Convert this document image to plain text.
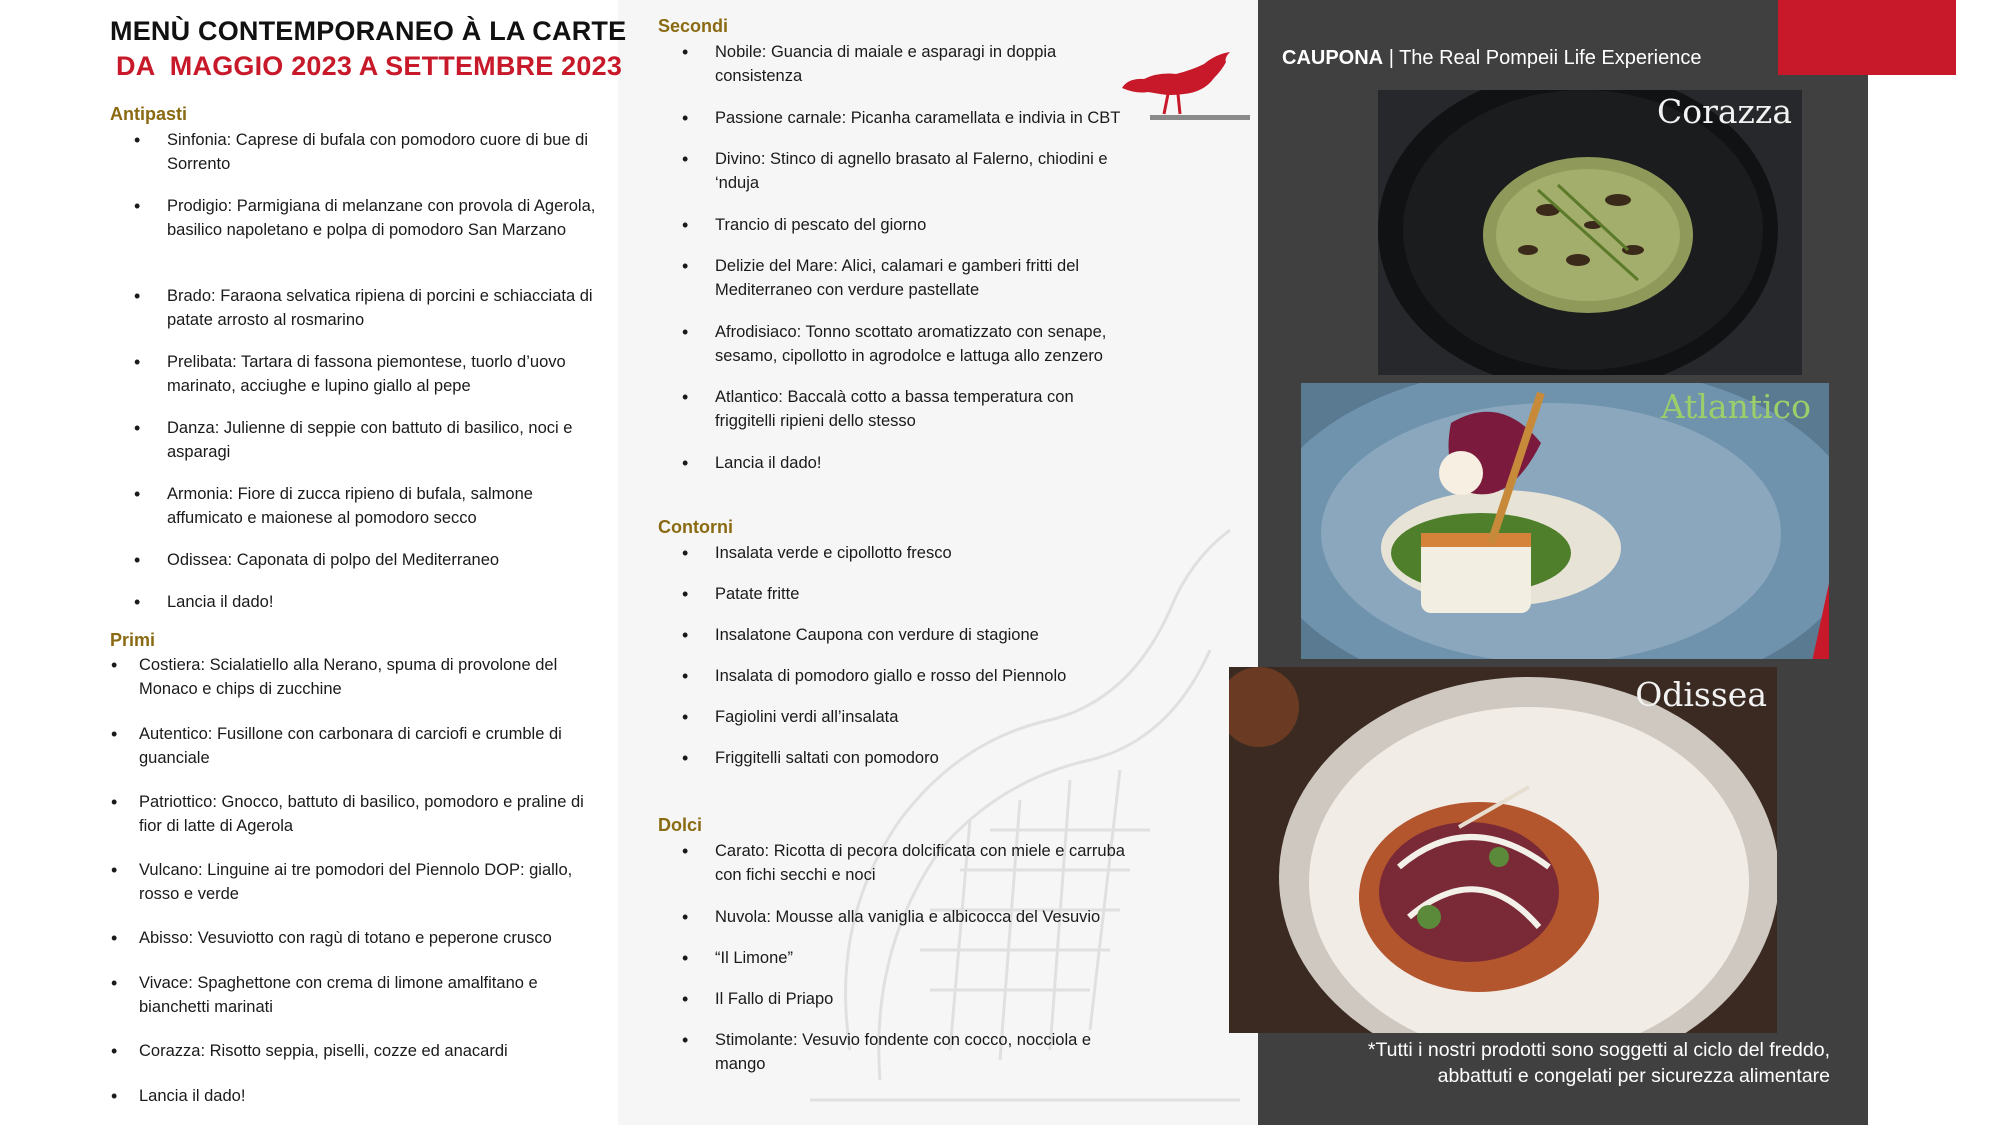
MENÙ CONTEMPORANEO À LA CARTE
DA  MAGGIO 2023 A SETTEMBRE 2023
Antipasti
• Sinfonia: Caprese di bufala con pomodoro cuore di bue di Sorrento
• Prodigio: Parmigiana di melanzane con provola di Agerola, basilico napoletano e polpa di pomodoro San Marzano
• Brado: Faraona selvatica ripiena di porcini e schiacciata di patate arrosto al rosmarino
• Prelibata: Tartara di fassona piemontese, tuorlo d’uovo marinato, acciughe e lupino giallo al pepe
• Danza: Julienne di seppie con battuto di basilico, noci e asparagi
• Armonia: Fiore di zucca ripieno di bufala, salmone affumicato e maionese al pomodoro secco
• Odissea: Caponata di polpo del Mediterraneo
• Lancia il dado!
Primi
• Costiera: Scialatiello alla Nerano, spuma di provolone del Monaco e chips di zucchine
• Autentico: Fusillone con carbonara di carciofi e crumble di guanciale
• Patriottico: Gnocco, battuto di basilico, pomodoro e praline di fior di latte di Agerola
• Vulcano: Linguine ai tre pomodori del Piennolo DOP: giallo, rosso e verde
• Abisso: Vesuviotto con ragù di totano e peperone crusco
• Vivace: Spaghettone con crema di limone amalfitano e bianchetti marinati
• Corazza: Risotto seppia, piselli, cozze ed anacardi
• Lancia il dado!
Secondi
• Nobile: Guancia di maiale e asparagi in doppia consistenza
• Passione carnale: Picanha caramellata e indivia in CBT
• Divino: Stinco di agnello brasato al Falerno, chiodini e ‘nduja
• Trancio di pescato del giorno
• Delizie del Mare: Alici, calamari e gamberi fritti del Mediterraneo con verdure pastellate
• Afrodisiaco: Tonno scottato aromatizzato con senape, sesamo, cipollotto in agrodolce e lattuga allo zenzero
• Atlantico: Baccalà cotto a bassa temperatura con friggitelli ripieni dello stesso
• Lancia il dado!
Contorni
• Insalata verde e cipollotto fresco
• Patate fritte
• Insalatone Caupona con verdure di stagione
• Insalata di pomodoro giallo e rosso del Piennolo
• Fagiolini verdi all’insalata
• Friggitelli saltati con pomodoro
Dolci
• Carato: Ricotta di pecora dolcificata con miele e carruba con fichi secchi e noci
• Nuvola: Mousse alla vaniglia e albicocca del Vesuvio
• “Il Limone”
• Il Fallo di Priapo
• Stimolante: Vesuvio fondente con cocco, nocciola e mango
CAUPONA | The Real Pompeii Life Experience
Corazza
Atlantico
Odissea
*Tutti i nostri prodotti sono soggetti al ciclo del freddo,
abbattuti e congelati per sicurezza alimentare
